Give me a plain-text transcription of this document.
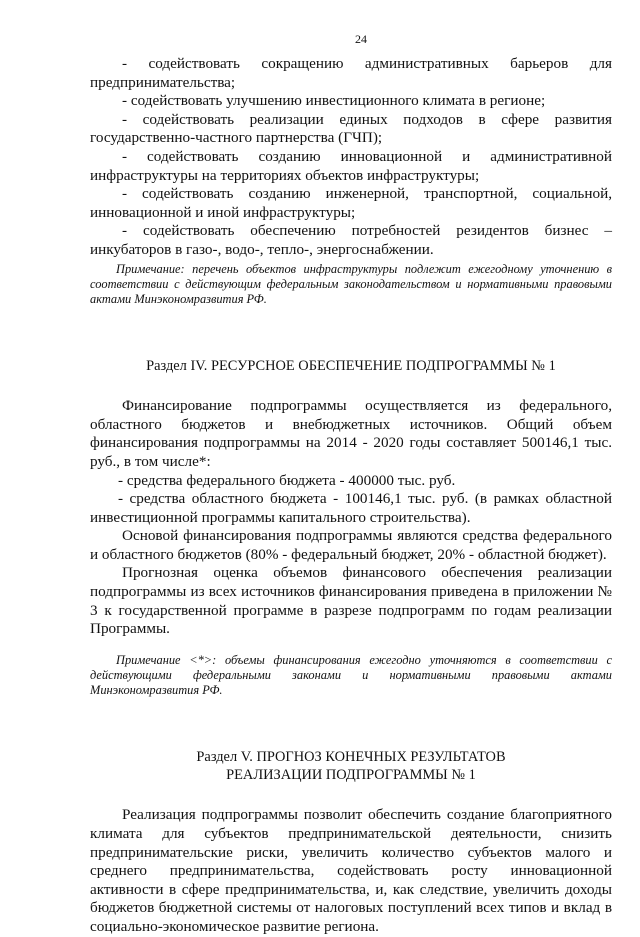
24

- содействовать сокращению административных барьеров для предпринимательства;

- содействовать улучшению инвестиционного климата в регионе;

- содействовать реализации единых подходов в сфере развития государственно-частного партнерства (ГЧП);

- содействовать созданию инновационной и административной инфраструктуры на территориях объектов инфраструктуры;

- содействовать созданию инженерной, транспортной, социальной, инновационной и иной инфраструктуры;

- содействовать обеспечению потребностей резидентов бизнес – инкубаторов в газо-, водо-, тепло-, энергоснабжении.

Примечание: перечень объектов инфраструктуры подлежит ежегодному уточнению в соответствии с действующим федеральным законодательством и нормативными правовыми актами Минэкономразвития РФ.
Раздел IV. РЕСУРСНОЕ ОБЕСПЕЧЕНИЕ ПОДПРОГРАММЫ № 1

Финансирование подпрограммы осуществляется из федерального, областного бюджетов и внебюджетных источников. Общий объем финансирования подпрограммы на 2014 - 2020 годы составляет 500146,1 тыс. руб., в том числе*:

- средства федерального бюджета - 400000 тыс. руб.

- средства областного бюджета - 100146,1 тыс. руб. (в рамках областной инвестиционной программы капитального строительства).

Основой финансирования подпрограммы являются средства федерального и областного бюджетов (80% - федеральный бюджет, 20% - областной бюджет).

Прогнозная оценка объемов финансового обеспечения реализации подпрограммы из всех источников финансирования приведена в приложении № 3 к государственной программе в разрезе подпрограмм по годам реализации Программы.

Примечание <*>: объемы финансирования ежегодно уточняются в соответствии с действующими федеральными законами и нормативными правовыми актами Минэкономразвития РФ.
Раздел V. ПРОГНОЗ КОНЕЧНЫХ РЕЗУЛЬТАТОВ
РЕАЛИЗАЦИИ ПОДПРОГРАММЫ № 1

Реализация подпрограммы позволит обеспечить создание благоприятного климата для субъектов предпринимательской деятельности, снизить предпринимательские риски, увеличить количество субъектов малого и среднего предпринимательства, содействовать росту инновационной активности в сфере предпринимательства, и, как следствие, увеличить доходы бюджетов бюджетной системы от налоговых поступлений всех типов и вклад в социально-экономическое развитие региона.
